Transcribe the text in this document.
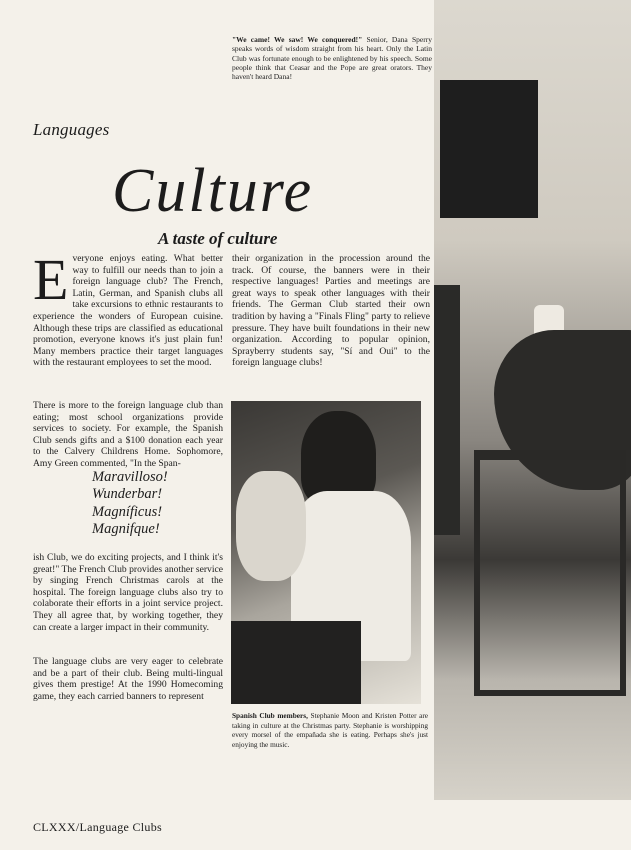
"We came! We saw! We conquered!" Senior, Dana Sperry speaks words of wisdom straight from his heart. Only the Latin Club was fortunate enough to be enlightened by his speech. Some people think that Ceasar and the Pope are great orators. They haven't heard Dana!
Languages
Culture
A taste of culture
E veryone enjoys eating. What better way to fulfill our needs than to join a foreign language club? The French, Latin, German, and Spanish clubs all take excursions to ethnic restaurants to experience the wonders of European cuisine. Although these trips are classified as educational promotion, everyone knows it's just plain fun! Many members practice their target languages with the restaurant employees to set the mood.

There is more to the foreign language club than eating; most school organizations provide services to society. For example, the Spanish Club sends gifts and a $100 donation each year to the Calvery Childrens Home. Sophomore, Amy Green commented, "In the Span-

Maravilloso!
Wunderbar!
Magníficus!
Magnifque!

ish Club, we do exciting projects, and I think it's great!" The French Club provides another service by singing French Christmas carols at the hospital. The foreign language clubs also try to colaborate their efforts in a joint service project. They all agree that, by working together, they can create a larger impact in their community.

The language clubs are very eager to celebrate and be a part of their club. Being multi-lingual gives them prestige! At the 1990 Homecoming game, they each carried banners to represent

their organization in the procession around the track. Of course, the banners were in their respective languages! Parties and meetings are great ways to speak other languages with their friends. The German Club started their own tradition by having a "Finals Fling" party to relieve pressure. They have built foundations in their new organization. According to popular opinion, Sprayberry students say, "Sí and Oui" to the foreign language clubs!

Spanish Club members, Stephanie Moon and Kristen Potter are taking in culture at the Christmas party. Stephanie is worshipping every morsel of the empañada she is eating. Perhaps she's just enjoying the music.
CLXXX/Language Clubs
